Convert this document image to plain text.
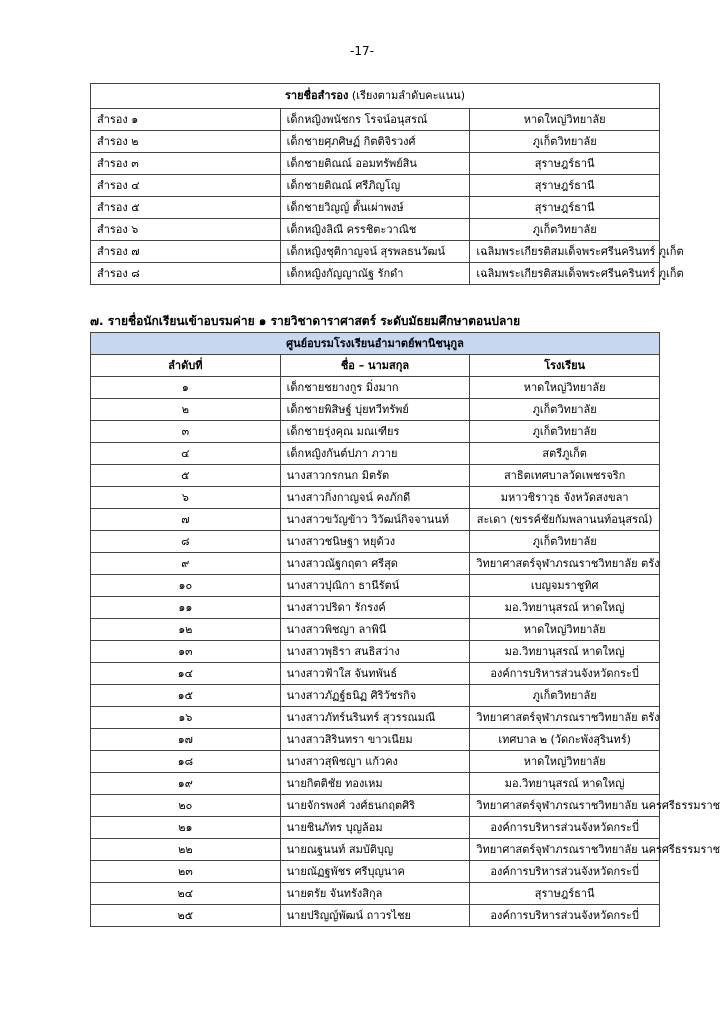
-17-
รายชื่อสำรอง (เรียงตามลำดับคะแนน)		
สำรอง ๑	เด็กหญิงพนัชกร โรจน์อนุสรณ์	หาดใหญ่วิทยาลัย
สำรอง ๒	เด็กชายศุภศิษฏ์ กิตติจิรวงศ์	ภูเก็ตวิทยาลัย
สำรอง ๓	เด็กชายติณณ์ ออมทรัพย์สิน	สุราษฎร์ธานี
สำรอง ๔	เด็กชายติณณ์ ศรีภิญโญ	สุราษฎร์ธานี
สำรอง ๕	เด็กชายวิญญ์ ตั้นเผ่าพงษ์	สุราษฎร์ธานี
สำรอง ๖	เด็กหญิงลิณี ครรชิตะวาณิช	ภูเก็ตวิทยาลัย
สำรอง ๗	เด็กหญิงชุติกาญจน์ สุรพลธนวัฒน์	เฉลิมพระเกียรติสมเด็จพระศรีนครินทร์ ภูเก็ต
สำรอง ๘	เด็กหญิงกัญญาณัฐ รักดำ	เฉลิมพระเกียรติสมเด็จพระศรีนครินทร์ ภูเก็ต
๗. รายชื่อนักเรียนเข้าอบรมค่าย ๑ รายวิชาดาราศาสตร์ ระดับมัธยมศึกษาตอนปลาย
ศูนย์อบรมโรงเรียนอำมาตย์พานิชนุกูล		
ลำดับที่	ชื่อ – นามสกุล	โรงเรียน
๑	เด็กชายชยางกูร มิ่งมาก	หาดใหญ่วิทยาลัย
๒	เด็กชายพิสิษฐ์ บุ่ยทวีทรัพย์	ภูเก็ตวิทยาลัย
๓	เด็กชายรุ่งคุณ มณเฑียร	ภูเก็ตวิทยาลัย
๔	เด็กหญิงกันต์ปภา ภวาย	สตรีภูเก็ต
๕	นางสาวกรกนก มิตรัต	สาธิตเทศบาลวัดเพชรจริก
๖	นางสาวกิ่งกาญจน์ คงภักดี	มหาวชิราวุธ จังหวัดสงขลา
๗	นางสาวขวัญข้าว วิวัฒน์กิจจานนท์	สะเดา (ขรรค์ชัยกัมพลานนท์อนุสรณ์)
๘	นางสาวชนิษฐา หยุด้วง	ภูเก็ตวิทยาลัย
๙	นางสาวณัฐกฤตา ศรีสุด	วิทยาศาสตร์จุฬาภรณราชวิทยาลัย ตรัง
๑๐	นางสาวปุณิกา ธานีรัตน์	เบญจมราชูทิศ
๑๑	นางสาวปริดา รักรงค์	มอ.วิทยานุสรณ์ หาดใหญ่
๑๒	นางสาวพิชญา ลาพินี	หาดใหญ่วิทยาลัย
๑๓	นางสาวพุธิรา สนธิสว่าง	มอ.วิทยานุสรณ์ หาดใหญ่
๑๔	นางสาวฟ้าใส จันทพันธ์	องค์การบริหารส่วนจังหวัดกระบี่
๑๕	นางสาวภัฏฐ์ธนิฏ ศิริวัชรกิจ	ภูเก็ตวิทยาลัย
๑๖	นางสาวภัทร์นรินทร์ สุวรรณมณี	วิทยาศาสตร์จุฬาภรณราชวิทยาลัย ตรัง
๑๗	นางสาวสิรินทรา ขาวเนียม	เทศบาล ๒ (วัดกะพังสุรินทร์)
๑๘	นางสาวสุพิชญา แก้วคง	หาดใหญ่วิทยาลัย
๑๙	นายกิตติชัย ทองเหม	มอ.วิทยานุสรณ์ หาดใหญ่
๒๐	นายจักรพงศ์ วงศ์ธนกฤตศิริ	วิทยาศาสตร์จุฬาภรณราชวิทยาลัย นครศรีธรรมราช
๒๑	นายชินภัทร บุญล้อม	องค์การบริหารส่วนจังหวัดกระบี่
๒๒	นายณฐนนท์ สมบัติบุญ	วิทยาศาสตร์จุฬาภรณราชวิทยาลัย นครศรีธรรมราช
๒๓	นายณัฏฐพัชร ศรีบุญนาค	องค์การบริหารส่วนจังหวัดกระบี่
๒๔	นายตรัย จันทรังสิกุล	สุราษฎร์ธานี
๒๕	นายปริญญ์พัฒน์ ถาวรไชย	องค์การบริหารส่วนจังหวัดกระบี่
